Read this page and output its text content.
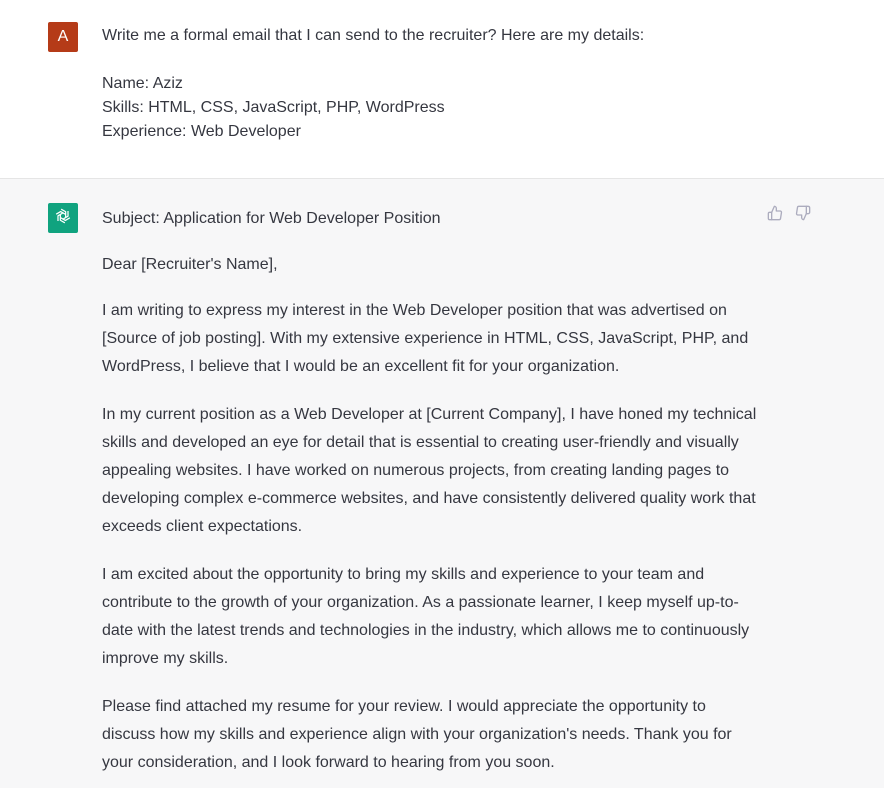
A Write me a formal email that I can send to the recruiter? Here are my details:
Name: Aziz
Skills: HTML, CSS, JavaScript, PHP, WordPress
Experience: Web Developer

Subject: Application for Web Developer Position

Dear [Recruiter's Name],

I am writing to express my interest in the Web Developer position that was advertised on [Source of job posting]. With my extensive experience in HTML, CSS, JavaScript, PHP, and WordPress, I believe that I would be an excellent fit for your organization.

In my current position as a Web Developer at [Current Company], I have honed my technical skills and developed an eye for detail that is essential to creating user-friendly and visually appealing websites. I have worked on numerous projects, from creating landing pages to developing complex e-commerce websites, and have consistently delivered quality work that exceeds client expectations.

I am excited about the opportunity to bring my skills and experience to your team and contribute to the growth of your organization. As a passionate learner, I keep myself up-to-date with the latest trends and technologies in the industry, which allows me to continuously improve my skills.

Please find attached my resume for your review. I would appreciate the opportunity to discuss how my skills and experience align with your organization's needs. Thank you for your consideration, and I look forward to hearing from you soon.
